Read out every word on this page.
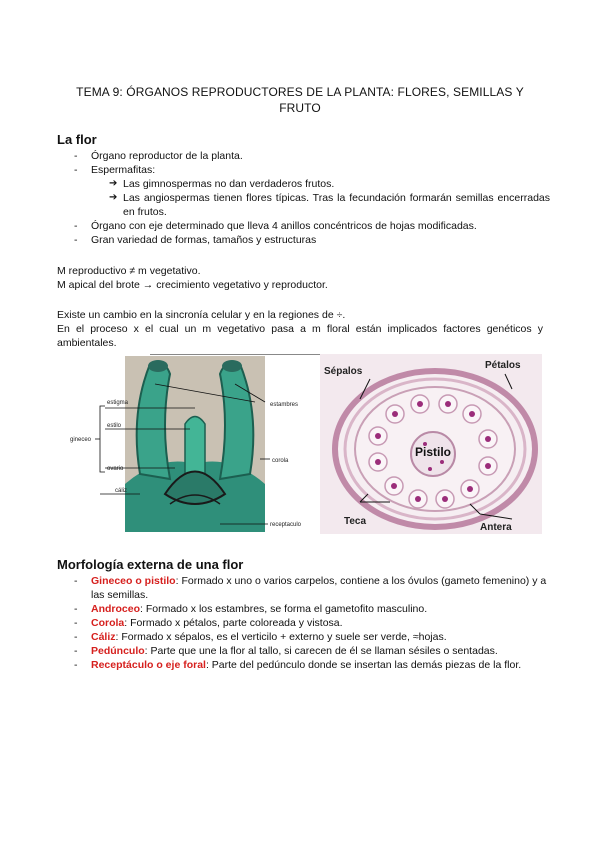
TEMA 9: ÓRGANOS REPRODUCTORES DE LA PLANTA: FLORES, SEMILLAS Y
FRUTO
La flor
- Órgano reproductor de la planta.
- Espermafitas:
➔ Las gimnospermas no dan verdaderos frutos.
➔ Las angiospermas tienen flores típicas. Tras la fecundación formarán semillas encerradas en frutos.
- Órgano con eje determinado que lleva 4 anillos concéntricos de hojas modificadas.
- Gran variedad de formas, tamaños y estructuras
M reproductivo ≠ m vegetativo.
M apical del brote → crecimiento vegetativo y reproductor.
Existe un cambio en la sincronía celular y en la regiones de ÷.
En el proceso x el cual un m vegetativo pasa a m floral están implicados factores genéticos y ambientales.
estambres
estigma
estilo
gineceo
ovario
corola
cáliz
receptaculo
Sépalos
Pétalos
Pistilo
Teca
Antera
Morfología externa de una flor
- Gineceo o pistilo: Formado x uno o varios carpelos, contiene a los óvulos (gameto femenino) y a las semillas.
- Androceo: Formado x los estambres, se forma el gametofito masculino.
- Corola: Formado x pétalos, parte coloreada y vistosa.
- Cáliz: Formado x sépalos, es el verticilo + externo y suele ser verde, ≈hojas.
- Pedúnculo: Parte que une la flor al tallo, si carecen de él se llaman sésiles o sentadas.
- Receptáculo o eje foral: Parte del pedúnculo donde se insertan las demás piezas de la flor.
